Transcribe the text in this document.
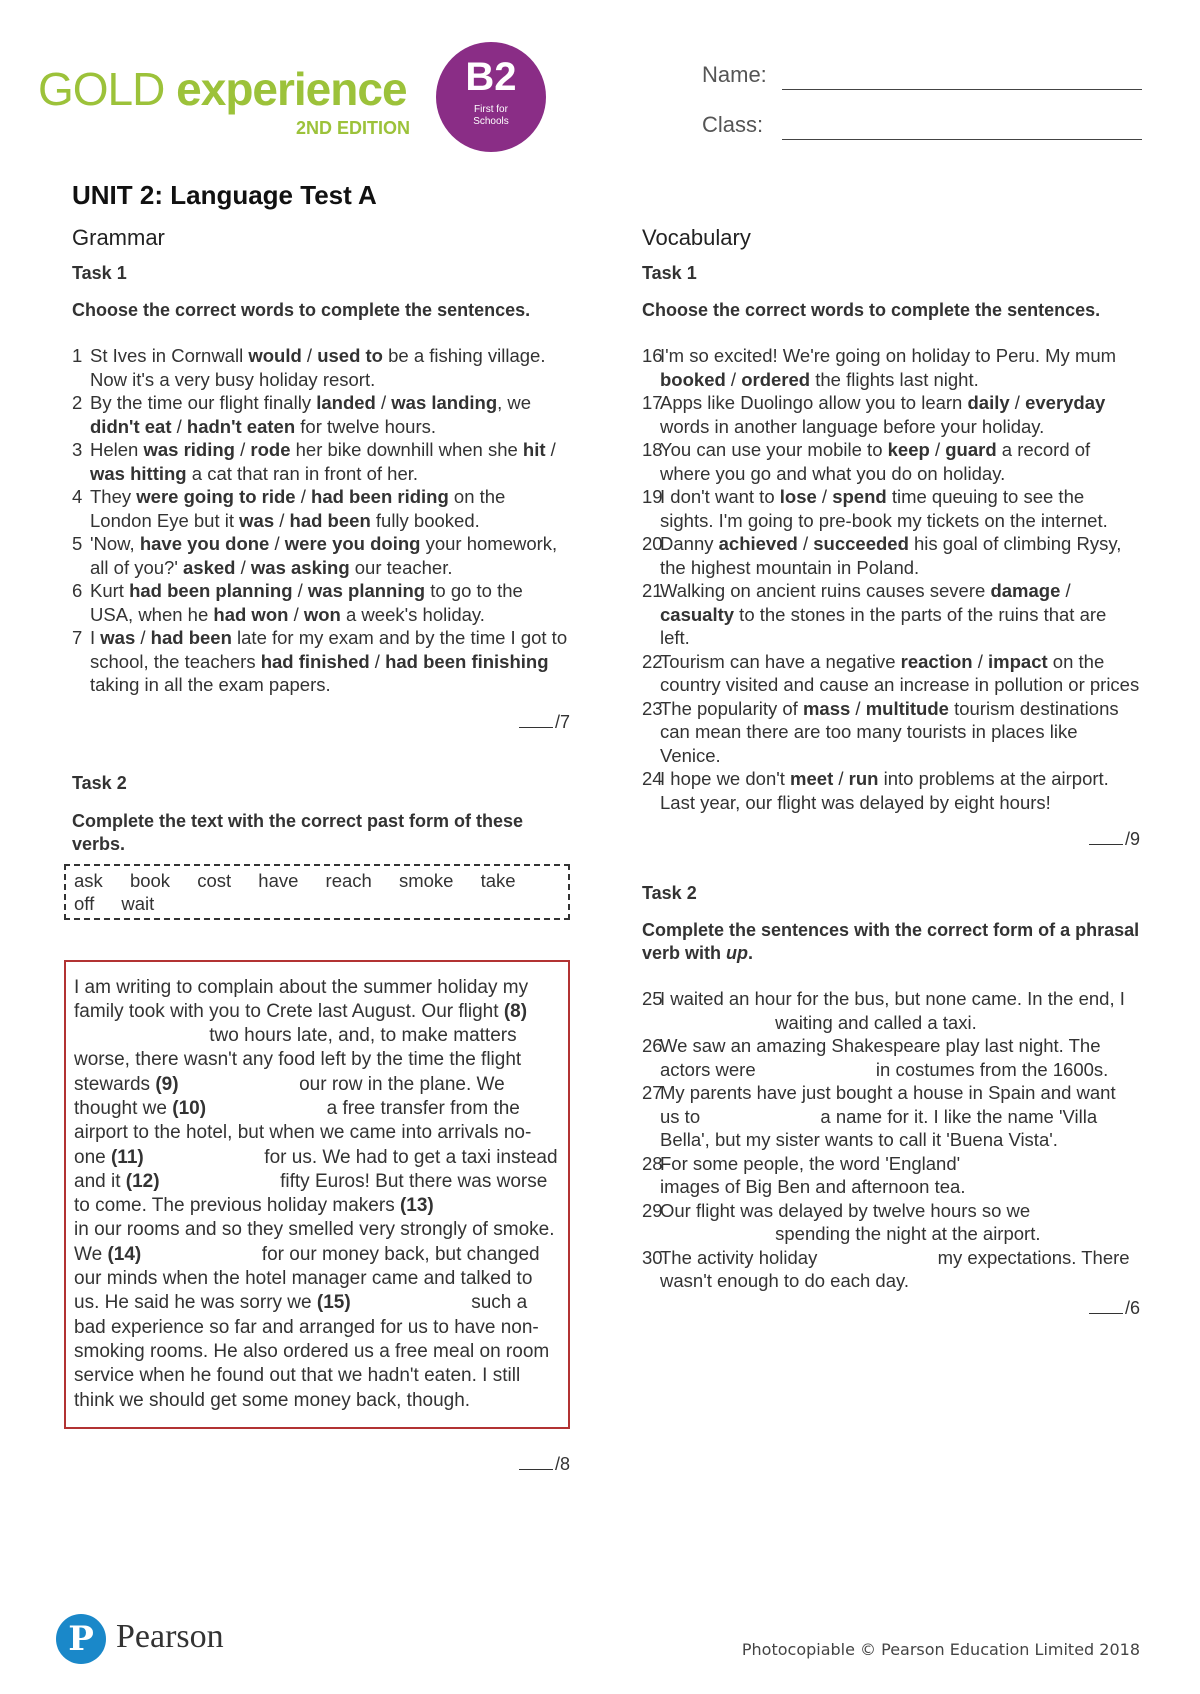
GOLD experience
2ND EDITION
B2
First for
Schools
Name:
Class:
UNIT 2: Language Test A

Grammar

Task 1

Choose the correct words to complete the sentences.

1 St Ives in Cornwall would / used to be a fishing village. Now it's a very busy holiday resort.
2 By the time our flight finally landed / was landing, we didn't eat / hadn't eaten for twelve hours.
3 Helen was riding / rode her bike downhill when she hit / was hitting a cat that ran in front of her.
4 They were going to ride / had been riding on the London Eye but it was / had been fully booked.
5 'Now, have you done / were you doing your homework, all of you?' asked / was asking our teacher.
6 Kurt had been planning / was planning to go to the USA, when he had won / won a week's holiday.
7 I was / had been late for my exam and by the time I got to school, the teachers had finished / had been finishing taking in all the exam papers.
/7

Task 2

Complete the text with the correct past form of these verbs.

ask book cost have reach smoke take off wait
I am writing to complain about the summer holiday my family took with you to Crete last August. Our flight (8)  two hours late, and, to make matters worse, there wasn't any food left by the time the flight stewards (9)	our row in the plane. We thought we (10)	a free transfer from the airport to the hotel, but when we came into arrivals no-one (11)	for us. We had to get a taxi instead and it (12)	fifty Euros! But there was worse to come. The previous holiday makers (13)  in our rooms and so they smelled very strongly of smoke. We (14)	for our money back, but changed our minds when the hotel manager came and talked to us. He said he was sorry we (15)	such a bad experience so far and arranged for us to have non-smoking rooms. He also ordered us a free meal on room service when he found out that we hadn't eaten. I still think we should get some money back, though.
/8

Vocabulary

Task 1

Choose the correct words to complete the sentences.

16
I'm so excited! We're going on holiday to Peru. My mum booked / ordered the flights last night.
17
Apps like Duolingo allow you to learn daily / everyday words in another language before your holiday.
18
You can use your mobile to keep / guard a record of where you go and what you do on holiday.
19
I don't want to lose / spend time queuing to see the sights. I'm going to pre-book my tickets on the internet.
20
Danny achieved / succeeded his goal of climbing Rysy, the highest mountain in Poland.
21
Walking on ancient ruins causes severe damage / casualty to the stones in the parts of the ruins that are left.
22
Tourism can have a negative reaction / impact on the country visited and cause an increase in pollution or prices
23
The popularity of mass / multitude tourism destinations can mean there are too many tourists in places like Venice.
24
I hope we don't meet / run into problems at the airport. Last year, our flight was delayed by eight hours!
/9

Task 2

Complete the sentences with the correct form of a phrasal verb with up.

25
I waited an hour for the bus, but none came. In the end, I  waiting and called a taxi.
26
We saw an amazing Shakespeare play last night. The actors were	in costumes from the 1600s.
27
My parents have just bought a house in Spain and want us to	a name for it. I like the name 'Villa Bella', but my sister wants to call it 'Buena Vista'.
28
For some people, the word 'England'  images of Big Ben and afternoon tea.
29
Our flight was delayed by twelve hours so we  spending the night at the airport.
30
The activity holiday	my expectations. There wasn't enough to do each day.
/6
P Pearson	Photocopiable © Pearson Education Limited 2018
